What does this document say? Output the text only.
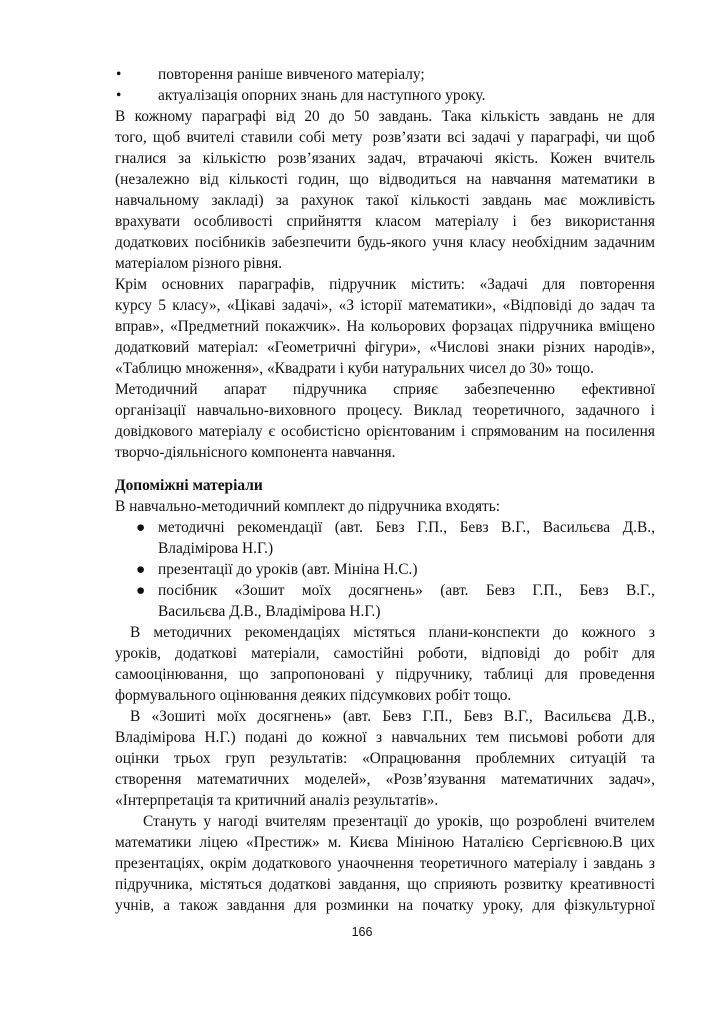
• повторення раніше вивченого матеріалу;
• актуалізація опорних знань для наступного уроку.
В кожному параграфі від 20 до 50 завдань. Така кількість завдань не для
того, щоб вчителі ставили собі мету розв’язати всі задачі у параграфі, чи щоб
гналися за кількістю розв’язаних задач, втрачаючі якість. Кожен вчитель
(незалежно від кількості годин, що відводиться на навчання математики в
навчальному закладі) за рахунок такої кількості завдань має можливість
врахувати особливості сприйняття класом матеріалу і без використання
додаткових посібників забезпечити будь-якого учня класу необхідним задачним
матеріалом різного рівня.
Крім основних параграфів, підручник містить: «Задачі для повторення
курсу 5 класу», «Цікаві задачі», «З історії математики», «Відповіді до задач та
вправ», «Предметний покажчик». На кольорових форзацах підручника вміщено
додатковий матеріал: «Геометричні фігури», «Числові знаки різних народів»,
«Таблицю множення», «Квадрати і куби натуральних чисел до 30» тощо.
Методичний апарат підручника сприяє забезпеченню ефективної
організації навчально-виховного процесу. Виклад теоретичного, задачного і
довідкового матеріалу є особистісно орієнтованим і спрямованим на посилення
творчо-діяльнісного компонента навчання.
Допоміжні матеріали
В навчально-методичний комплект до підручника входять:
● методичні рекомендації (авт. Бевз Г.П., Бевз В.Г., Васильєва Д.В.,
Владімірова Н.Г.)
● презентації до уроків (авт. Мініна Н.С.)
● посібник «Зошит моїх досягнень» (авт. Бевз Г.П., Бевз В.Г.,
Васильєва Д.В., Владімірова Н.Г.)
В методичних рекомендаціях містяться плани-конспекти до кожного з
уроків, додаткові матеріали, самостійні роботи, відповіді до робіт для
самооцінювання, що запропоновані у підручнику, таблиці для проведення
формувального оцінювання деяких підсумкових робіт тощо.
В «Зошиті моїх досягнень» (авт. Бевз Г.П., Бевз В.Г., Васильєва Д.В.,
Владімірова Н.Г.) подані до кожної з навчальних тем письмові роботи для
оцінки трьох груп результатів: «Опрацювання проблемних ситуацій та
створення математичних моделей», «Розв’язування математичних задач»,
«Інтерпретація та критичний аналіз результатів».
Стануть у нагоді вчителям презентації до уроків, що розроблені вчителем
математики ліцею «Престиж» м. Києва Мініною Наталією Сергієвною.В цих
презентаціях, окрім додаткового унаочнення теоретичного матеріалу і завдань з
підручника, містяться додаткові завдання, що сприяють розвитку креативності
учнів, а також завдання для розминки на початку уроку, для фізкультурної
166
